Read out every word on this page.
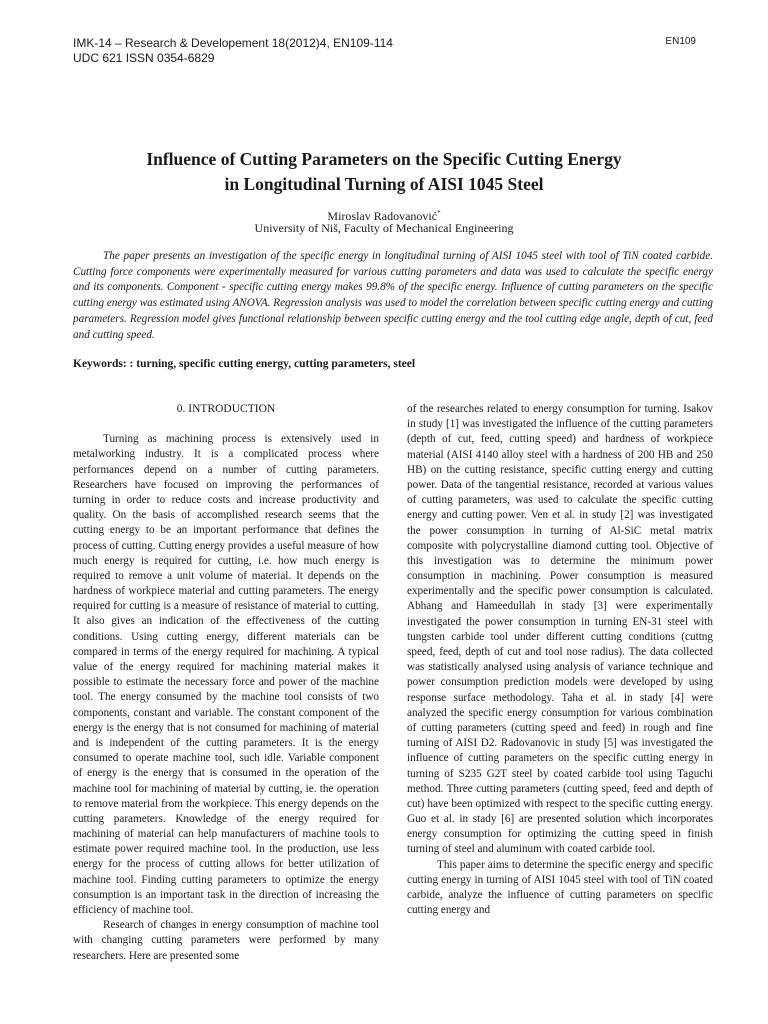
IMK-14 – Research & Developement 18(2012)4, EN109-114
UDC 621 ISSN 0354-6829
EN109
Influence of Cutting Parameters on the Specific Cutting Energy
in Longitudinal Turning of AISI 1045 Steel
Miroslav Radovanović*
University of Niš, Faculty of Mechanical Engineering
The paper presents an investigation of the specific energy in longitudinal turning of AISI 1045 steel with tool of TiN coated carbide. Cutting force components were experimentally measured for various cutting parameters and data was used to calculate the specific energy and its components. Component - specific cutting energy makes 99.8% of the specific energy. Influence of cutting parameters on the specific cutting energy was estimated using ANOVA. Regression analysis was used to model the correlation between specific cutting energy and cutting parameters. Regression model gives functional relationship between specific cutting energy and the tool cutting edge angle, depth of cut, feed and cutting speed.
Keywords: : turning, specific cutting energy, cutting parameters, steel
0. INTRODUCTION

Turning as machining process is extensively used in metalworking industry. It is a complicated process where performances depend on a number of cutting parameters. Researchers have focused on improving the performances of turning in order to reduce costs and increase productivity and quality. On the basis of accomplished research seems that the cutting energy to be an important performance that defines the process of cutting. Cutting energy provides a useful measure of how much energy is required for cutting, i.e. how much energy is required to remove a unit volume of material. It depends on the hardness of workpiece material and cutting parameters. The energy required for cutting is a measure of resistance of material to cutting. It also gives an indication of the effectiveness of the cutting conditions. Using cutting energy, different materials can be compared in terms of the energy required for machining. A typical value of the energy required for machining material makes it possible to estimate the necessary force and power of the machine tool. The energy consumed by the machine tool consists of two components, constant and variable. The constant component of the energy is the energy that is not consumed for machining of material and is independent of the cutting parameters. It is the energy consumed to operate machine tool, such idle. Variable component of energy is the energy that is consumed in the operation of the machine tool for machining of material by cutting, ie. the operation to remove material from the workpiece. This energy depends on the cutting parameters. Knowledge of the energy required for machining of material can help manufacturers of machine tools to estimate power required machine tool. In the production, use less energy for the process of cutting allows for better utilization of machine tool. Finding cutting parameters to optimize the energy consumption is an important task in the direction of increasing the efficiency of machine tool.

Research of changes in energy consumption of machine tool with changing cutting parameters were performed by many researchers. Here are presented some

of the researches related to energy consumption for turning. Isakov in study [1] was investigated the influence of the cutting parameters (depth of cut, feed, cutting speed) and hardness of workpiece material (AISI 4140 alloy steel with a hardness of 200 HB and 250 HB) on the cutting resistance, specific cutting energy and cutting power. Data of the tangential resistance, recorded at various values of cutting parameters, was used to calculate the specific cutting energy and cutting power. Ven et al. in study [2] was investigated the power consumption in turning of Al-SiC metal matrix composite with polycrystalline diamond cutting tool. Objective of this investigation was to determine the minimum power consumption in machining. Power consumption is measured experimentally and the specific power consumption is calculated. Abhang and Hameedullah in stady [3] were experimentally investigated the power consumption in turning EN-31 steel with tungsten carbide tool under different cutting conditions (cuttng speed, feed, depth of cut and tool nose radius). The data collected was statistically analysed using analysis of variance technique and power consumption prediction models were developed by using response surface methodology. Taha et al. in stady [4] were analyzed the specific energy consumption for various combination of cutting parameters (cutting speed and feed) in rough and fine turning of AISI D2. Radovanovic in study [5] was investigated the influence of cutting parameters on the specific cutting energy in turning of S235 G2T steel by coated carbide tool using Taguchi method. Three cutting parameters (cutting speed, feed and depth of cut) have been optimized with respect to the specific cutting energy. Guo et al. in stady [6] are presented solution which incorporates energy consumption for optimizing the cutting speed in finish turning of steel and aluminum with coated carbide tool.

This paper aims to determine the specific energy and specific cutting energy in turning of AISI 1045 steel with tool of TiN coated carbide, analyze the influence of cutting parameters on specific cutting energy and
